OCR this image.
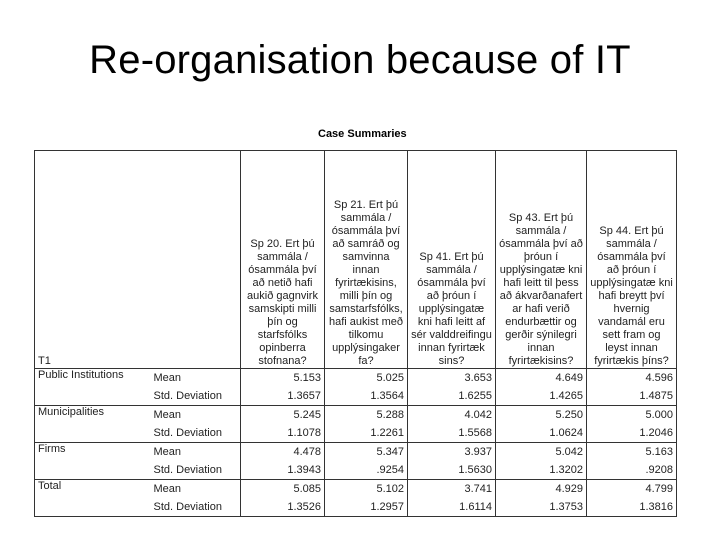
Re-organisation because of IT
Case Summaries
T1		Sp 20. Ert þú sammála / ósammála því að netið hafi aukið gagnvirk samskipti milli þín og starfsfólks opinberra stofnana?	Sp 21. Ert þú sammála / ósammála því að samráð og samvinna innan fyrirtækisins, milli þín og samstarfsfólks, hafi aukist með tilkomu upplýsingaker fa?	Sp 41. Ert þú sammála / ósammála því að þróun í upplýsingatæ kni hafi leitt af sér valddreifingu innan fyrirtæk sins?	Sp 43. Ert þú sammála / ósammála því að þróun í upplýsingatæ kni hafi leitt til þess að ákvarðanafert ar hafi verið endurbættir og gerðir sýnilegri innan fyrirtækisins?	Sp 44. Ert þú sammála / ósammála því að þróun í upplýsingatæ kni hafi breytt því hvernig vandamál eru sett fram og leyst innan fyrirtækis þíns?
Public Institutions	Mean	5.153	5.025	3.653	4.649	4.596
	Std. Deviation	1.3657	1.3564	1.6255	1.4265	1.4875
Municipalities	Mean	5.245	5.288	4.042	5.250	5.000
	Std. Deviation	1.1078	1.2261	1.5568	1.0624	1.2046
Firms	Mean	4.478	5.347	3.937	5.042	5.163
	Std. Deviation	1.3943	.9254	1.5630	1.3202	.9208
Total	Mean	5.085	5.102	3.741	4.929	4.799
	Std. Deviation	1.3526	1.2957	1.6114	1.3753	1.3816
